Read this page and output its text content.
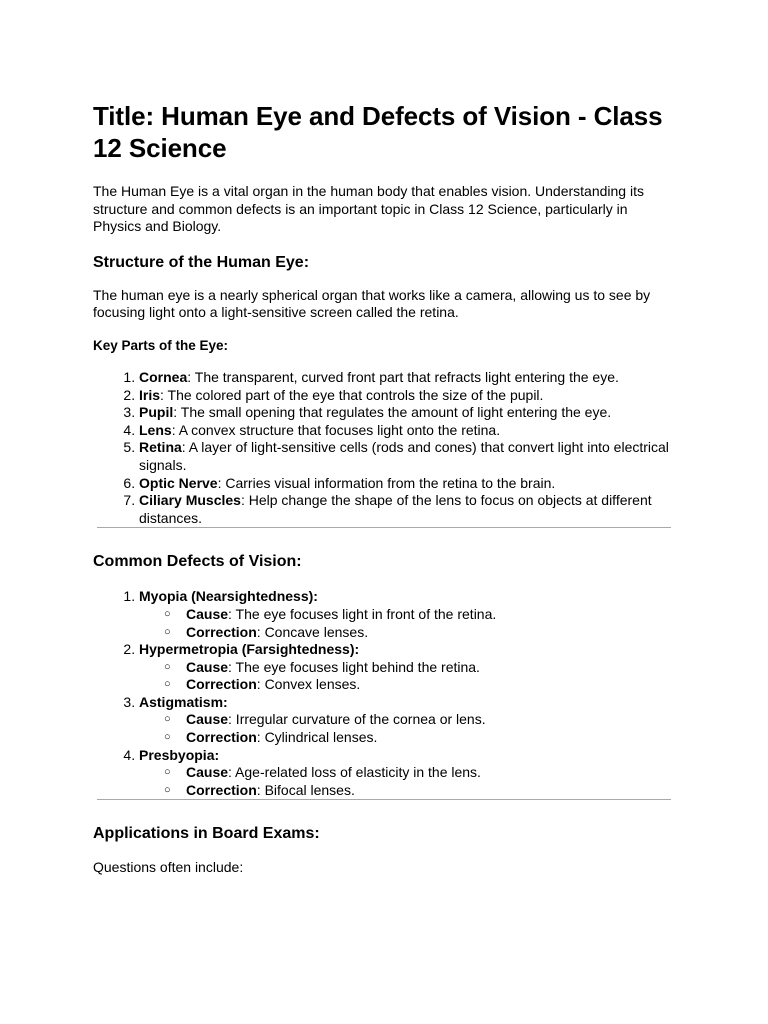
Title: Human Eye and Defects of Vision - Class 12 Science

The Human Eye is a vital organ in the human body that enables vision. Understanding its structure and common defects is an important topic in Class 12 Science, particularly in Physics and Biology.

Structure of the Human Eye:

The human eye is a nearly spherical organ that works like a camera, allowing us to see by focusing light onto a light-sensitive screen called the retina.

Key Parts of the Eye:
1. Cornea: The transparent, curved front part that refracts light entering the eye.
2. Iris: The colored part of the eye that controls the size of the pupil.
3. Pupil: The small opening that regulates the amount of light entering the eye.
4. Lens: A convex structure that focuses light onto the retina.
5. Retina: A layer of light-sensitive cells (rods and cones) that convert light into electrical signals.
6. Optic Nerve: Carries visual information from the retina to the brain.
7. Ciliary Muscles: Help change the shape of the lens to focus on objects at different distances.
Common Defects of Vision:
1. Myopia (Nearsightedness):
○ Cause: The eye focuses light in front of the retina.
○ Correction: Concave lenses.
2. Hypermetropia (Farsightedness):
○ Cause: The eye focuses light behind the retina.
○ Correction: Convex lenses.
3. Astigmatism:
○ Cause: Irregular curvature of the cornea or lens.
○ Correction: Cylindrical lenses.
4. Presbyopia:
○ Cause: Age-related loss of elasticity in the lens.
○ Correction: Bifocal lenses.
Applications in Board Exams:

Questions often include:
